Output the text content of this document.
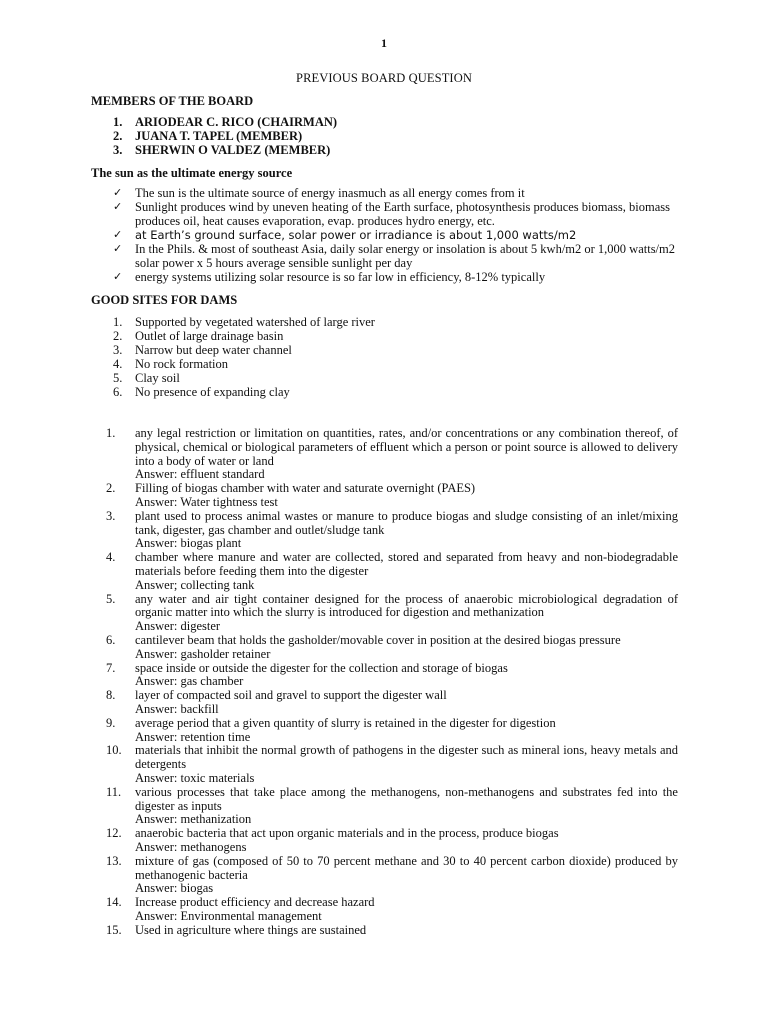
1
PREVIOUS BOARD QUESTION
MEMBERS OF THE BOARD
1.	ARIODEAR C. RICO (CHAIRMAN)
2.	JUANA T. TAPEL (MEMBER)
3.	SHERWIN O VALDEZ (MEMBER)
The sun as the ultimate energy source
✓	The sun is the ultimate source of energy inasmuch as all energy comes from it
✓	Sunlight produces wind by uneven heating of the Earth surface, photosynthesis produces biomass, biomass produces oil, heat causes evaporation, evap. produces hydro energy, etc.
✓	at Earth’s ground surface, solar power or irradiance is about 1,000 watts/m2
✓	In the Phils. & most of southeast Asia, daily solar energy or insolation is about 5 kwh/m2 or 1,000 watts/m2 solar power x 5 hours average sensible sunlight per day
✓	energy systems utilizing solar resource is so far low in efficiency, 8-12% typically
GOOD SITES FOR DAMS
1.	Supported by vegetated watershed of large river
2.	Outlet of large drainage basin
3.	Narrow but deep water channel
4.	No rock formation
5.	Clay soil
6.	No presence of expanding clay
1.	any legal restriction or limitation on quantities, rates, and/or concentrations or any combination thereof, of physical, chemical or biological parameters of effluent which a person or point source is allowed to delivery into a body of water or land
Answer: effluent standard
2.	Filling of biogas chamber with water and saturate overnight (PAES)
Answer: Water tightness test
3.	plant used to process animal wastes or manure to produce biogas and sludge consisting of an inlet/mixing tank, digester, gas chamber and outlet/sludge tank
Answer: biogas plant
4.	chamber where manure and water are collected, stored and separated from heavy and non-biodegradable materials before feeding them into the digester
Answer; collecting tank
5.	any water and air tight container designed for the process of anaerobic microbiological degradation of organic matter into which the slurry is introduced for digestion and methanization
Answer: digester
6.	cantilever beam that holds the gasholder/movable cover in position at the desired biogas pressure
Answer: gasholder retainer
7.	space inside or outside the digester for the collection and storage of biogas
Answer: gas chamber
8.	layer of compacted soil and gravel to support the digester wall
Answer: backfill
9.	average period that a given quantity of slurry is retained in the digester for digestion
Answer: retention time
10.	materials that inhibit the normal growth of pathogens in the digester such as mineral ions, heavy metals and detergents
Answer: toxic materials
11.	various processes that take place among the methanogens, non-methanogens and substrates fed into the digester as inputs
Answer: methanization
12.	anaerobic bacteria that act upon organic materials and in the process, produce biogas
Answer: methanogens
13.	mixture of gas (composed of 50 to 70 percent methane and 30 to 40 percent carbon dioxide) produced by methanogenic bacteria
Answer: biogas
14.	Increase product efficiency and decrease hazard
Answer: Environmental management
15.	Used in agriculture where things are sustained
